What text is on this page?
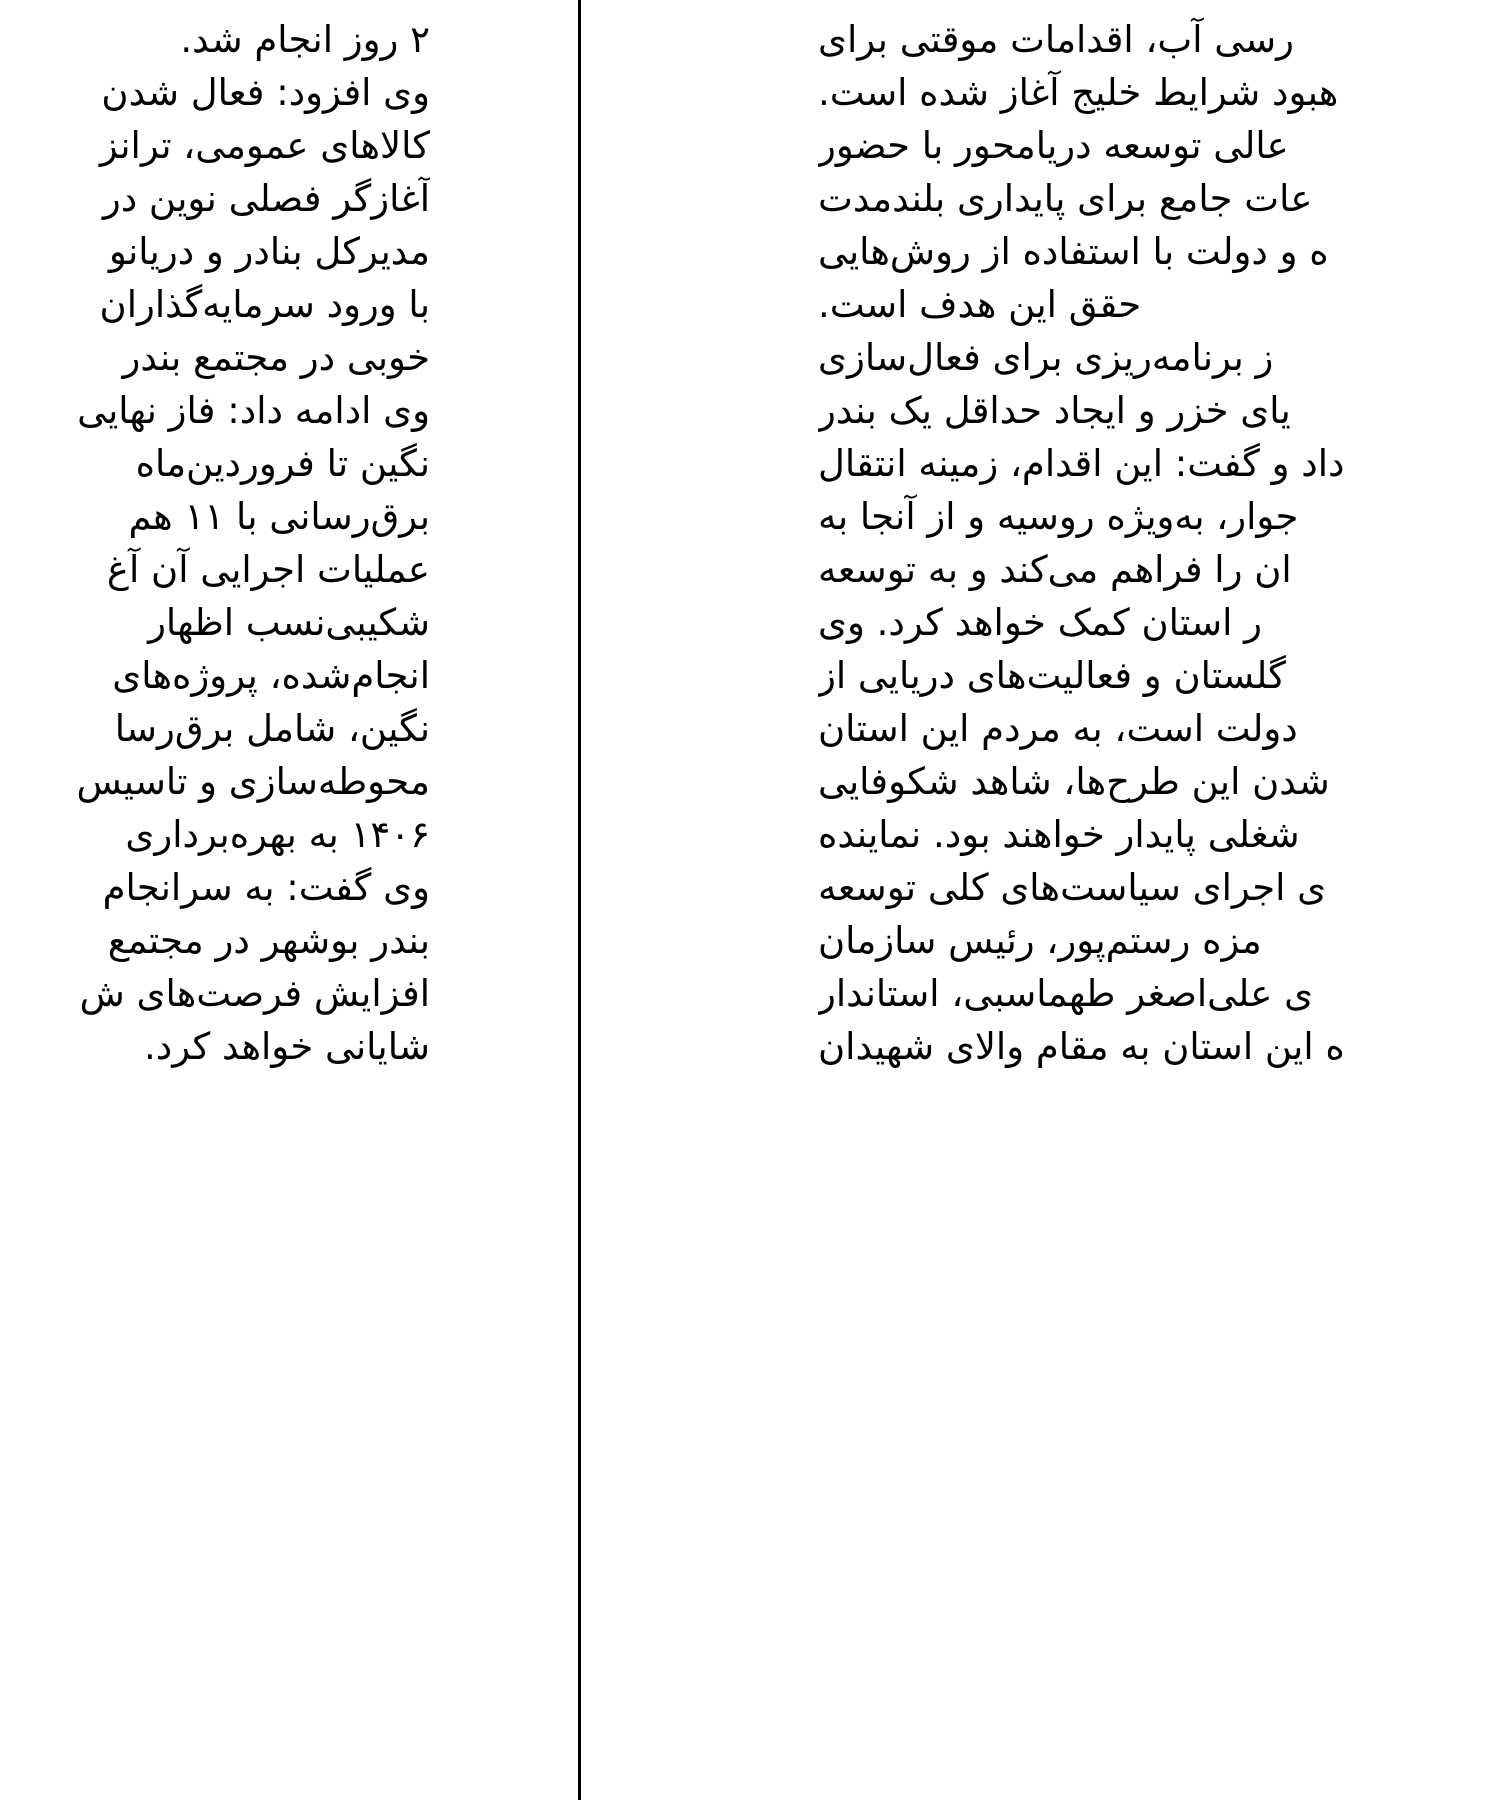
۲ روز انجام شد.
وی افزود: فعال شدن
کالاهای عمومی، ترانز
آغازگر فصلی نوین در
مدیرکل بنادر و دریانو
با ورود سرمایه‌گذاران
خوبی در مجتمع بندر
وی ادامه داد: فاز نهایی
نگین تا فروردین‌ماه
برق‌رسانی با ۱۱ هم
عملیات اجرایی آن آغ
شکیبی‌نسب اظهار
انجام‌شده، پروژه‌های
نگین، شامل برق‌رسا
محوطه‌سازی و تاسیس
۱۴۰۶ به بهره‌برداری
وی گفت: به سرانجام
بندر بوشهر در مجتمع
افزایش فرصت‌های ش
شایانی خواهد کرد.
رسی آب، اقدامات موقتی برای
هبود شرایط خلیج آغاز شده است.
عالی توسعه دریامحور با حضور
عات جامع برای پایداری بلندمدت
ه و دولت با استفاده از روش‌هایی
حقق این هدف است.
ز برنامه‌ریزی برای فعال‌سازی
یای خزر و ایجاد حداقل یک بندر
داد و گفت: این اقدام، زمینه انتقال
جوار، به‌ویژه روسیه و از آنجا به
ان را فراهم می‌کند و به توسعه
ر استان کمک خواهد کرد. وی
گلستان و فعالیت‌های دریایی از
دولت است، به مردم این استان
شدن این طرح‌ها، شاهد شکوفایی
شغلی پایدار خواهند بود. نماینده
ی اجرای سیاست‌های کلی توسعه
مزه رستم‌پور، رئیس سازمان
ی علی‌اصغر طهماسبی، استاندار
ه این استان به مقام والای شهیدان
